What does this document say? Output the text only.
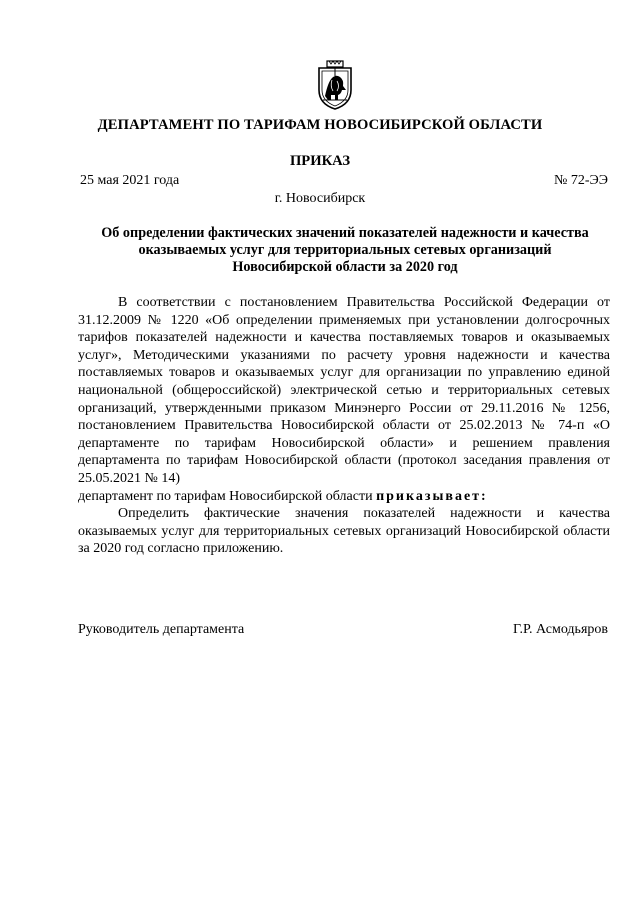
ДЕПАРТАМЕНТ ПО ТАРИФАМ НОВОСИБИРСКОЙ ОБЛАСТИ
ПРИКАЗ
25 мая 2021 года	№ 72-ЭЭ
г. Новосибирск
Об определении фактических значений показателей надежности и качества
оказываемых услуг для территориальных сетевых организаций
Новосибирской области за 2020 год

В соответствии с постановлением Правительства Российской Федерации от 31.12.2009 № 1220 «Об определении применяемых при установлении долгосрочных тарифов показателей надежности и качества поставляемых товаров и оказываемых услуг», Методическими указаниями по расчету уровня надежности и качества поставляемых товаров и оказываемых услуг для организации по управлению единой национальной (общероссийской) электрической сетью и территориальных сетевых организаций, утвержденными приказом Минэнерго России от 29.11.2016 № 1256, постановлением Правительства Новосибирской области от 25.02.2013 № 74-п «О департаменте по тарифам Новосибирской области» и решением правления департамента по тарифам Новосибирской области (протокол заседания правления от 25.05.2021 № 14)

департамент по тарифам Новосибирской области приказывает:

Определить фактические значения показателей надежности и качества оказываемых услуг для территориальных сетевых организаций Новосибирской области за 2020 год согласно приложению.

Руководитель департамента	Г.Р. Асмодьяров
